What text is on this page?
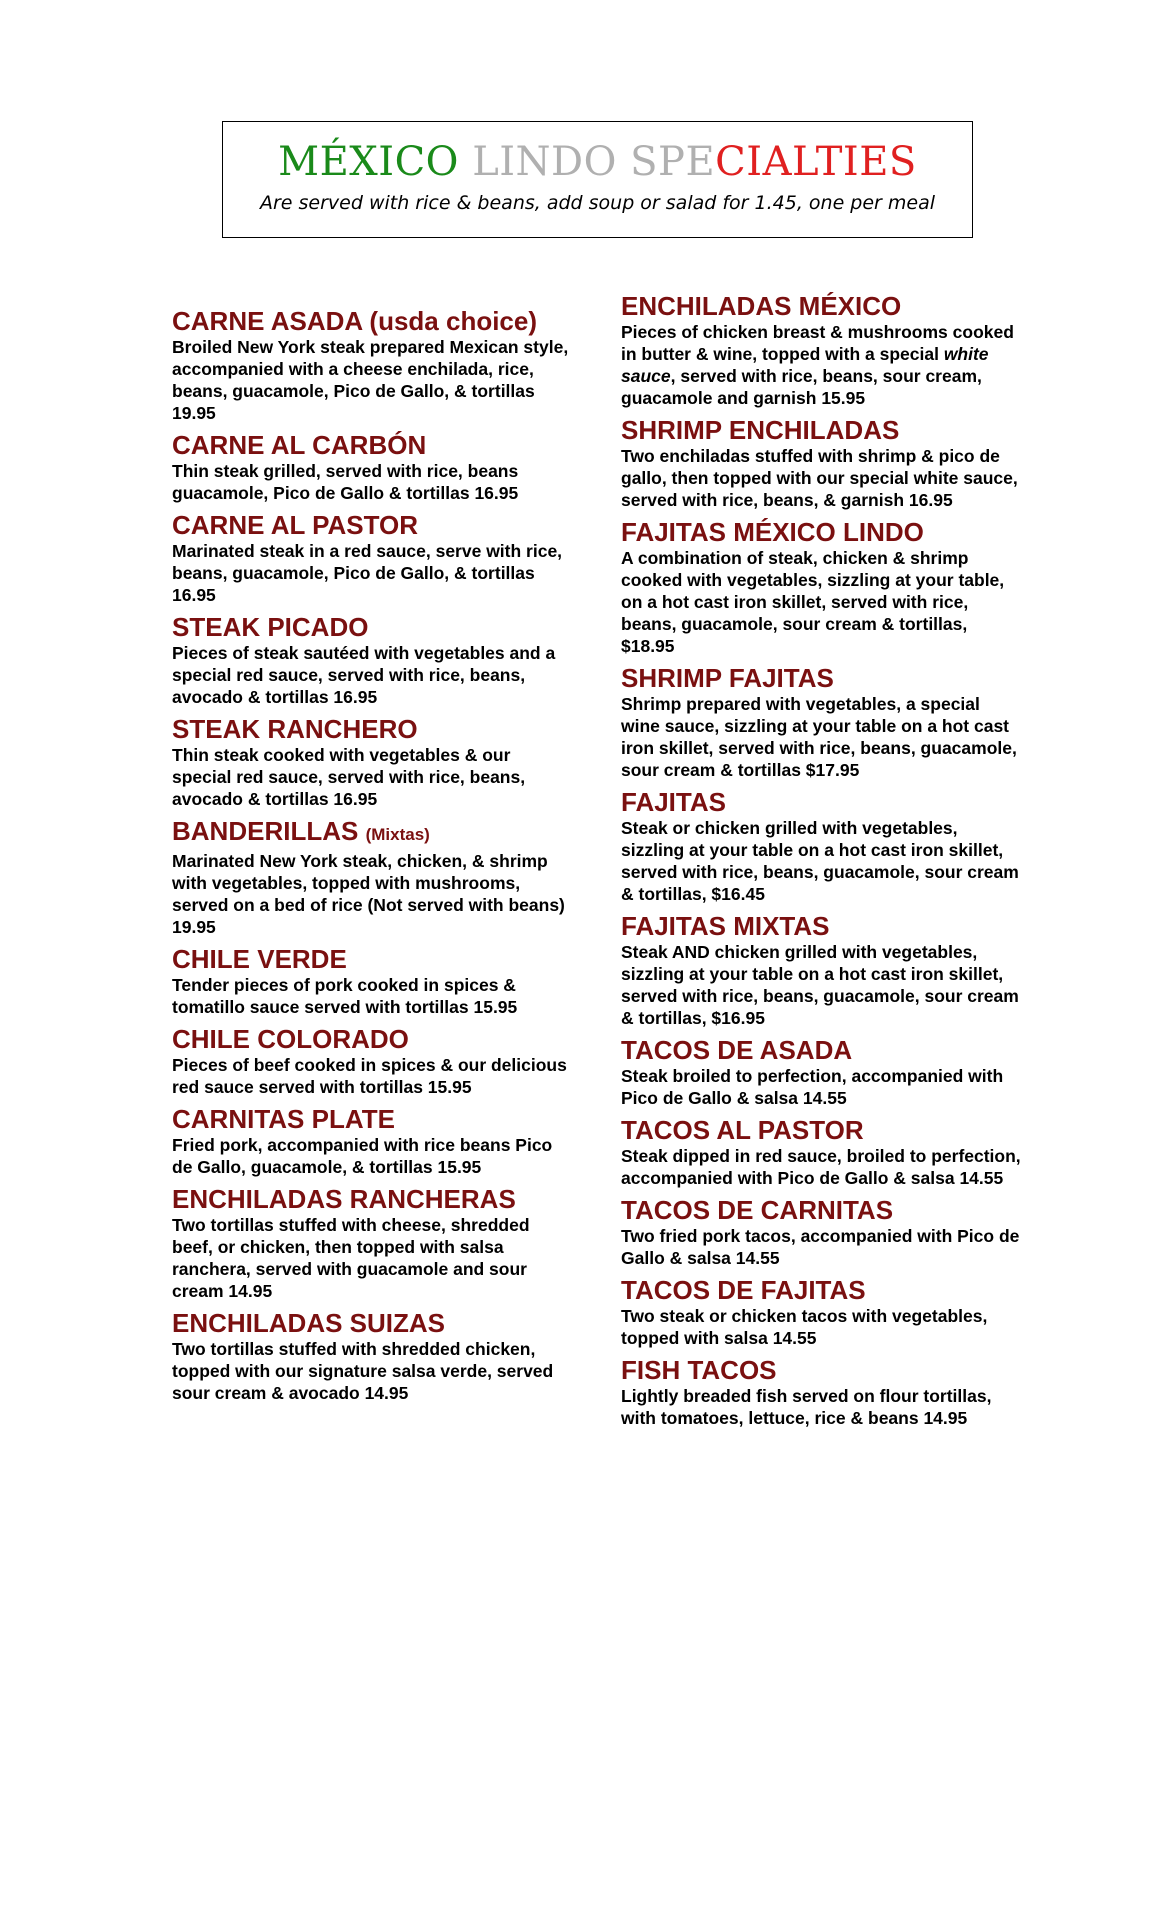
MÉXICO LINDO SPECIALTIES
Are served with rice & beans, add soup or salad for 1.45, one per meal
CARNE ASADA (usda choice)
Broiled New York steak prepared Mexican style, accompanied with a cheese enchilada, rice, beans, guacamole, Pico de Gallo, & tortillas 19.95
CARNE AL CARBÓN
Thin steak grilled, served with rice, beans guacamole, Pico de Gallo & tortillas 16.95
CARNE AL PASTOR
Marinated steak in a red sauce, serve with rice, beans, guacamole, Pico de Gallo, & tortillas 16.95
STEAK PICADO
Pieces of steak sautéed with vegetables and a special red sauce, served with rice, beans, avocado & tortillas 16.95
STEAK RANCHERO
Thin steak cooked with vegetables & our special red sauce, served with rice, beans, avocado & tortillas 16.95
BANDERILLAS (Mixtas)
Marinated New York steak, chicken, & shrimp with vegetables, topped with mushrooms, served on a bed of rice (Not served with beans) 19.95
CHILE VERDE
Tender pieces of pork cooked in spices & tomatillo sauce served with tortillas 15.95
CHILE COLORADO
Pieces of beef cooked in spices & our delicious red sauce served with tortillas 15.95
CARNITAS PLATE
Fried pork, accompanied with rice beans Pico de Gallo, guacamole, & tortillas 15.95
ENCHILADAS RANCHERAS
Two tortillas stuffed with cheese, shredded beef, or chicken, then topped with salsa ranchera, served with guacamole and sour cream 14.95
ENCHILADAS SUIZAS
Two tortillas stuffed with shredded chicken, topped with our signature salsa verde, served sour cream & avocado 14.95
ENCHILADAS MÉXICO
Pieces of chicken breast & mushrooms cooked in butter & wine, topped with a special white sauce, served with rice, beans, sour cream, guacamole and garnish 15.95
SHRIMP ENCHILADAS
Two enchiladas stuffed with shrimp & pico de gallo, then topped with our special white sauce, served with rice, beans, & garnish 16.95
FAJITAS MÉXICO LINDO
A combination of steak, chicken & shrimp cooked with vegetables, sizzling at your table, on a hot cast iron skillet, served with rice, beans, guacamole, sour cream & tortillas, $18.95
SHRIMP FAJITAS
Shrimp prepared with vegetables, a special wine sauce, sizzling at your table on a hot cast iron skillet, served with rice, beans, guacamole, sour cream & tortillas $17.95
FAJITAS
Steak or chicken grilled with vegetables, sizzling at your table on a hot cast iron skillet, served with rice, beans, guacamole, sour cream & tortillas, $16.45
FAJITAS MIXTAS
Steak AND chicken grilled with vegetables, sizzling at your table on a hot cast iron skillet, served with rice, beans, guacamole, sour cream & tortillas, $16.95
TACOS DE ASADA
Steak broiled to perfection, accompanied with Pico de Gallo & salsa 14.55
TACOS AL PASTOR
Steak dipped in red sauce, broiled to perfection, accompanied with Pico de Gallo & salsa 14.55
TACOS DE CARNITAS
Two fried pork tacos, accompanied with Pico de Gallo & salsa 14.55
TACOS DE FAJITAS
Two steak or chicken tacos with vegetables, topped with salsa 14.55
FISH TACOS
Lightly breaded fish served on flour tortillas, with tomatoes, lettuce, rice & beans 14.95
